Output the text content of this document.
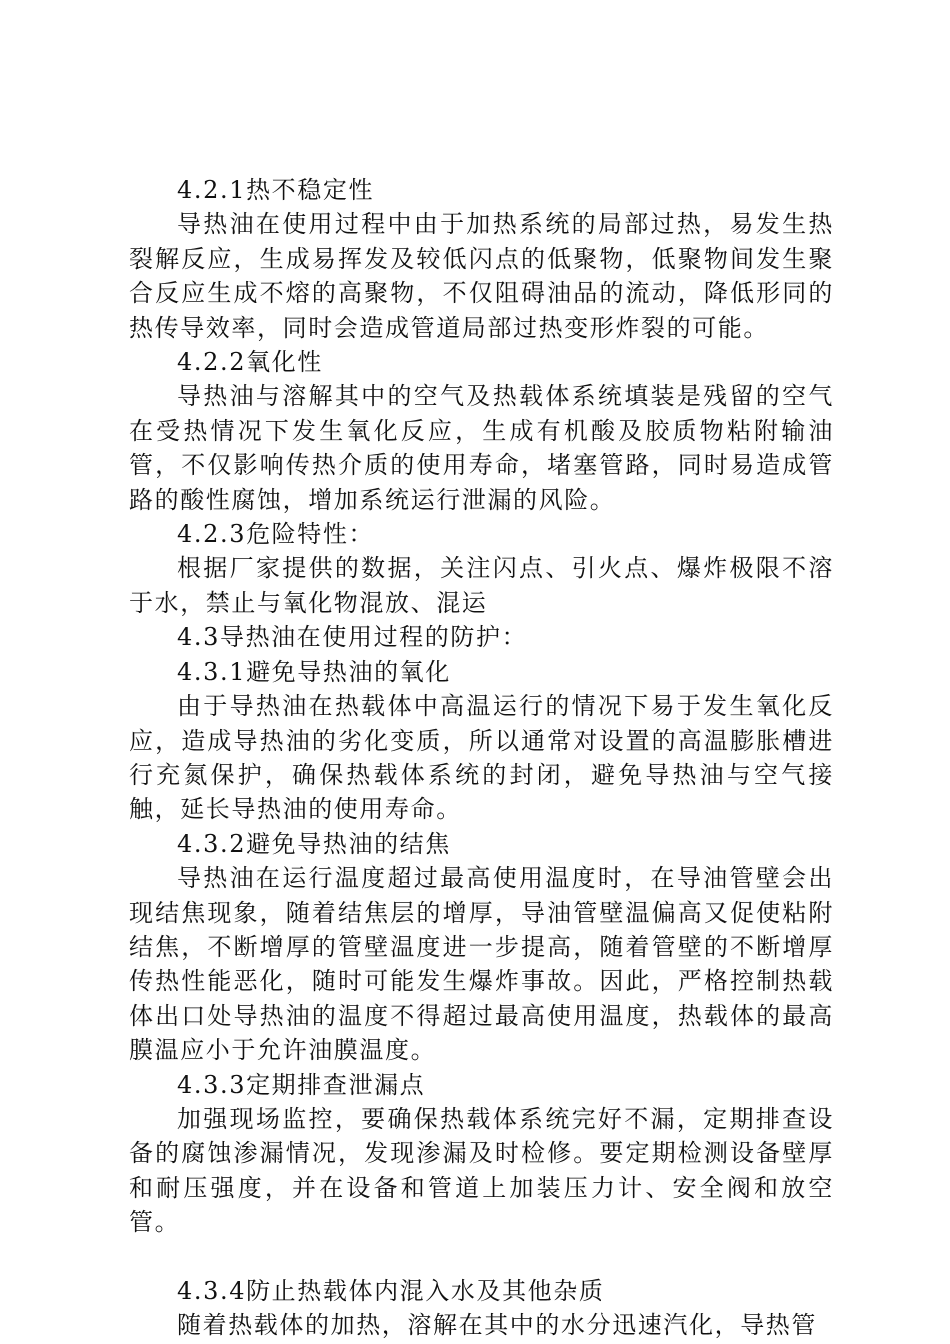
4.2.1热不稳定性

导热油在使用过程中由于加热系统的局部过热，易发生热裂解反应，生成易挥发及较低闪点的低聚物，低聚物间发生聚合反应生成不熔的高聚物，不仅阻碍油品的流动，降低形同的热传导效率，同时会造成管道局部过热变形炸裂的可能。

4.2.2氧化性

导热油与溶解其中的空气及热载体系统填装是残留的空气在受热情况下发生氧化反应，生成有机酸及胶质物粘附输油管，不仅影响传热介质的使用寿命，堵塞管路，同时易造成管路的酸性腐蚀，增加系统运行泄漏的风险。

4.2.3危险特性：

根据厂家提供的数据，关注闪点、引火点、爆炸极限不溶于水，禁止与氧化物混放、混运

4.3导热油在使用过程的防护：

4.3.1避免导热油的氧化

由于导热油在热载体中高温运行的情况下易于发生氧化反应，造成导热油的劣化变质，所以通常对设置的高温膨胀槽进行充氮保护，确保热载体系统的封闭，避免导热油与空气接触，延长导热油的使用寿命。

4.3.2避免导热油的结焦

导热油在运行温度超过最高使用温度时，在导油管壁会出现结焦现象，随着结焦层的增厚，导油管壁温偏高又促使粘附结焦，不断增厚的管壁温度进一步提高，随着管壁的不断增厚传热性能恶化，随时可能发生爆炸事故。因此，严格控制热载体出口处导热油的温度不得超过最高使用温度，热载体的最高膜温应小于允许油膜温度。

4.3.3定期排查泄漏点

加强现场监控，要确保热载体系统完好不漏，定期排查设备的腐蚀渗漏情况，发现渗漏及时检修。要定期检测设备壁厚和耐压强度，并在设备和管道上加装压力计、安全阀和放空管。

4.3.4防止热载体内混入水及其他杂质

随着热载体的加热，溶解在其中的水分迅速汽化，导热管
